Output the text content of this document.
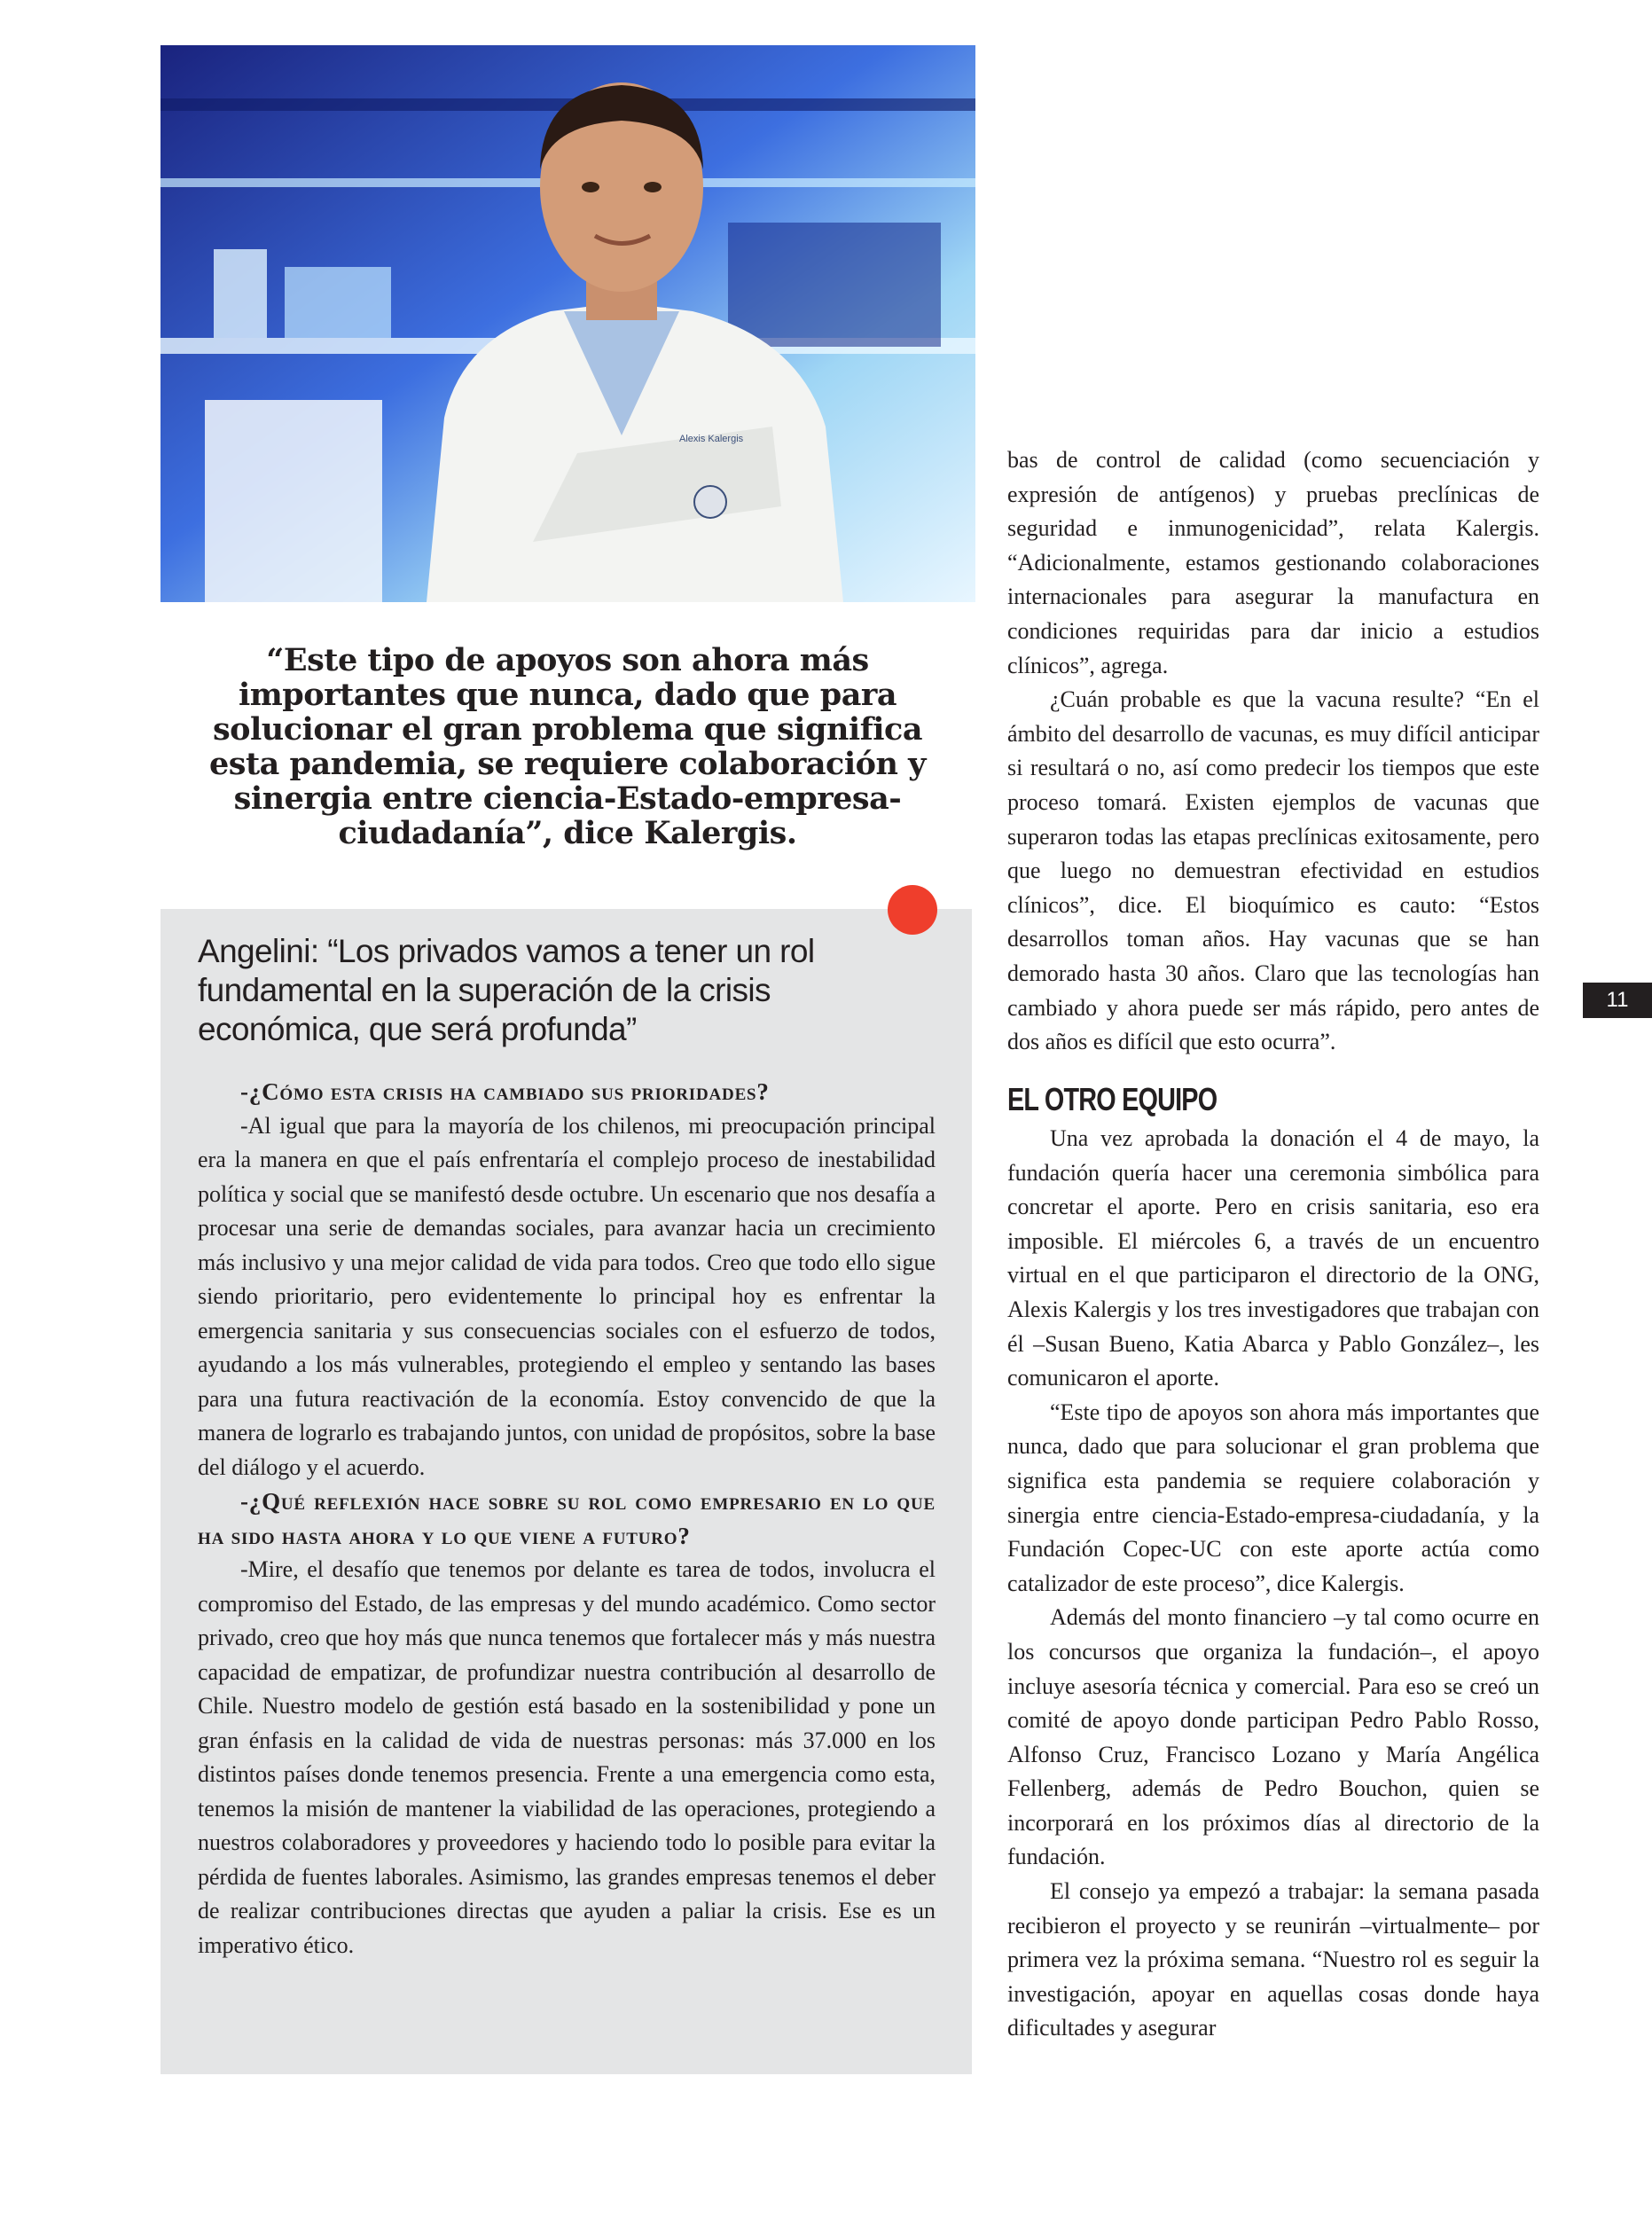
Alexis Kalergis
“Este tipo de apoyos son ahora más importantes que nunca, dado que para solucionar el gran problema que significa esta pandemia, se requiere colaboración y sinergia entre ciencia-Estado-empresa-ciudadanía”, dice Kalergis.
Angelini: “Los privados vamos a tener un rol fundamental en la superación de la crisis económica, que será profunda”
-¿Cómo esta crisis ha cambiado sus prioridades?

-Al igual que para la mayoría de los chilenos, mi preocupación principal era la manera en que el país enfrentaría el complejo proceso de inestabilidad política y social que se manifestó desde octubre. Un escenario que nos desafía a procesar una serie de demandas sociales, para avanzar hacia un crecimiento más inclusivo y una mejor calidad de vida para todos. Creo que todo ello sigue siendo prioritario, pero evidentemente lo principal hoy es enfrentar la emergencia sanitaria y sus consecuencias sociales con el esfuerzo de todos, ayudando a los más vulnerables, protegiendo el empleo y sentando las bases para una futura reactivación de la economía. Estoy convencido de que la manera de lograrlo es trabajando juntos, con unidad de propósitos, sobre la base del diálogo y el acuerdo.

-¿Qué reflexión hace sobre su rol como empresario en lo que ha sido hasta ahora y lo que viene a futuro?

-Mire, el desafío que tenemos por delante es tarea de todos, involucra el compromiso del Estado, de las empresas y del mundo académico. Como sector privado, creo que hoy más que nunca tenemos que fortalecer más y más nuestra capacidad de empatizar, de profundizar nuestra contribución al desarrollo de Chile. Nuestro modelo de gestión está basado en la sostenibilidad y pone un gran énfasis en la calidad de vida de nuestras personas: más 37.000 en los distintos países donde tenemos presencia. Frente a una emergencia como esta, tenemos la misión de mantener la viabilidad de las operaciones, protegiendo a nuestros colaboradores y proveedores y haciendo todo lo posible para evitar la pérdida de fuentes laborales. Asimismo, las grandes empresas tenemos el deber de realizar contribuciones directas que ayuden a paliar la crisis. Ese es un imperativo ético.

bas de control de calidad (como secuenciación y expresión de antígenos) y pruebas preclínicas de seguridad e inmunogenicidad”, relata Kalergis. “Adicionalmente, estamos gestionando colaboraciones internacionales para asegurar la manufactura en condiciones requiridas para dar inicio a estudios clínicos”, agrega.

¿Cuán probable es que la vacuna resulte? “En el ámbito del desarrollo de vacunas, es muy difícil anticipar si resultará o no, así como predecir los tiempos que este proceso tomará. Existen ejemplos de vacunas que superaron todas las etapas preclínicas exitosamente, pero que luego no demuestran efectividad en estudios clínicos”, dice. El bioquímico es cauto: “Estos desarrollos toman años. Hay vacunas que se han demorado hasta 30 años. Claro que las tecnologías han cambiado y ahora puede ser más rápido, pero antes de dos años es difícil que esto ocurra”.

EL OTRO EQUIPO

Una vez aprobada la donación el 4 de mayo, la fundación quería hacer una ceremonia simbólica para concretar el aporte. Pero en crisis sanitaria, eso era imposible. El miércoles 6, a través de un encuentro virtual en el que participaron el directorio de la ONG, Alexis Kalergis y los tres investigadores que trabajan con él –Susan Bueno, Katia Abarca y Pablo González–, les comunicaron el aporte.

“Este tipo de apoyos son ahora más importantes que nunca, dado que para solucionar el gran problema que significa esta pandemia se requiere colaboración y sinergia entre ciencia-Estado-empresa-ciudadanía, y la Fundación Copec-UC con este aporte actúa como catalizador de este proceso”, dice Kalergis.

Además del monto financiero –y tal como ocurre en los concursos que organiza la fundación–, el apoyo incluye asesoría técnica y comercial. Para eso se creó un comité de apoyo donde participan Pedro Pablo Rosso, Alfonso Cruz, Francisco Lozano y María Angélica Fellenberg, además de Pedro Bouchon, quien se incorporará en los próximos días al directorio de la fundación.

El consejo ya empezó a trabajar: la semana pasada recibieron el proyecto y se reunirán –virtualmente– por primera vez la próxima semana. “Nuestro rol es seguir la investigación, apoyar en aquellas cosas donde haya dificultades y asegurar

11
